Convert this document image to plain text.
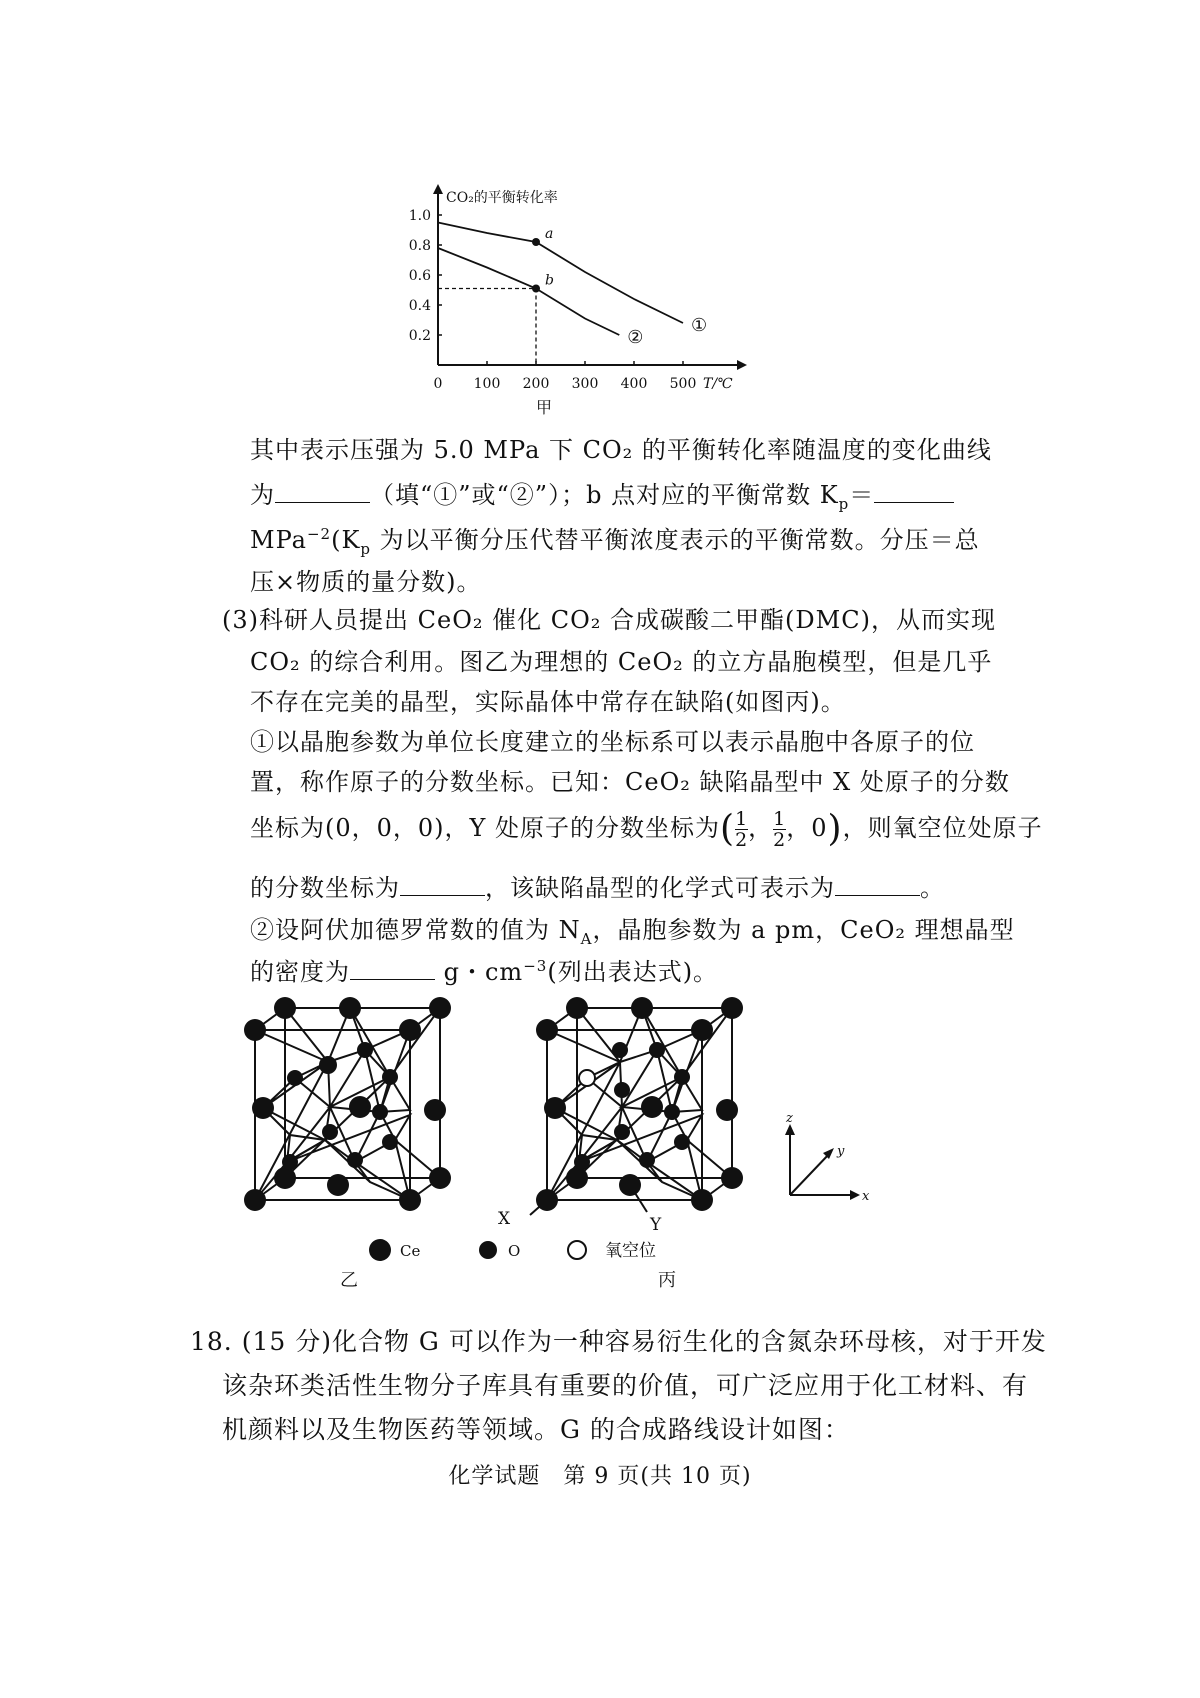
CO₂的平衡转化率
T/℃
0 100 200 300 400 500
1.0
0.8
0.6
0.4
0.2	①
②
a
b
甲
其中表示压强为 5.0 MPa 下 CO₂ 的平衡转化率随温度的变化曲线
为	（填“①”或“②”）；b 点对应的平衡常数 $K_p=$
$MPa^{-2}(K_p$ 为以平衡分压代替平衡浓度表示的平衡常数。分压＝总
压×物质的量分数)。
(3)科研人员提出 CeO₂ 催化 CO₂ 合成碳酸二甲酯(DMC)，从而实现
CO₂ 的综合利用。图乙为理想的 CeO₂ 的立方晶胞模型，但是几乎
不存在完美的晶型，实际晶体中常存在缺陷(如图丙)。
①以晶胞参数为单位长度建立的坐标系可以表示晶胞中各原子的位
置，称作原子的分数坐标。已知：CeO₂ 缺陷晶型中 X 处原子的分数
坐标为(0，0，0)，Y 处原子的分数坐标为( $\frac{1}{2}$ ， $\frac{1}{2}$ ，0)，则氧空位处原子
的分数坐标为	，该缺陷晶型的化学式可表示为	。
②设阿伏加德罗常数的值为 $N_A$，晶胞参数为 a pm，CeO₂ 理想晶型
的密度为	g・$cm^{-3}$(列出表达式)。
X	Y
x
y
z
Ce	O	氧空位
乙	丙
18. (15 分)化合物 G 可以作为一种容易衍生化的含氮杂环母核，对于开发
该杂环类活性生物分子库具有重要的价值，可广泛应用于化工材料、有
机颜料以及生物医药等领域。G 的合成路线设计如图：
化学试题　第 9 页(共 10 页)
